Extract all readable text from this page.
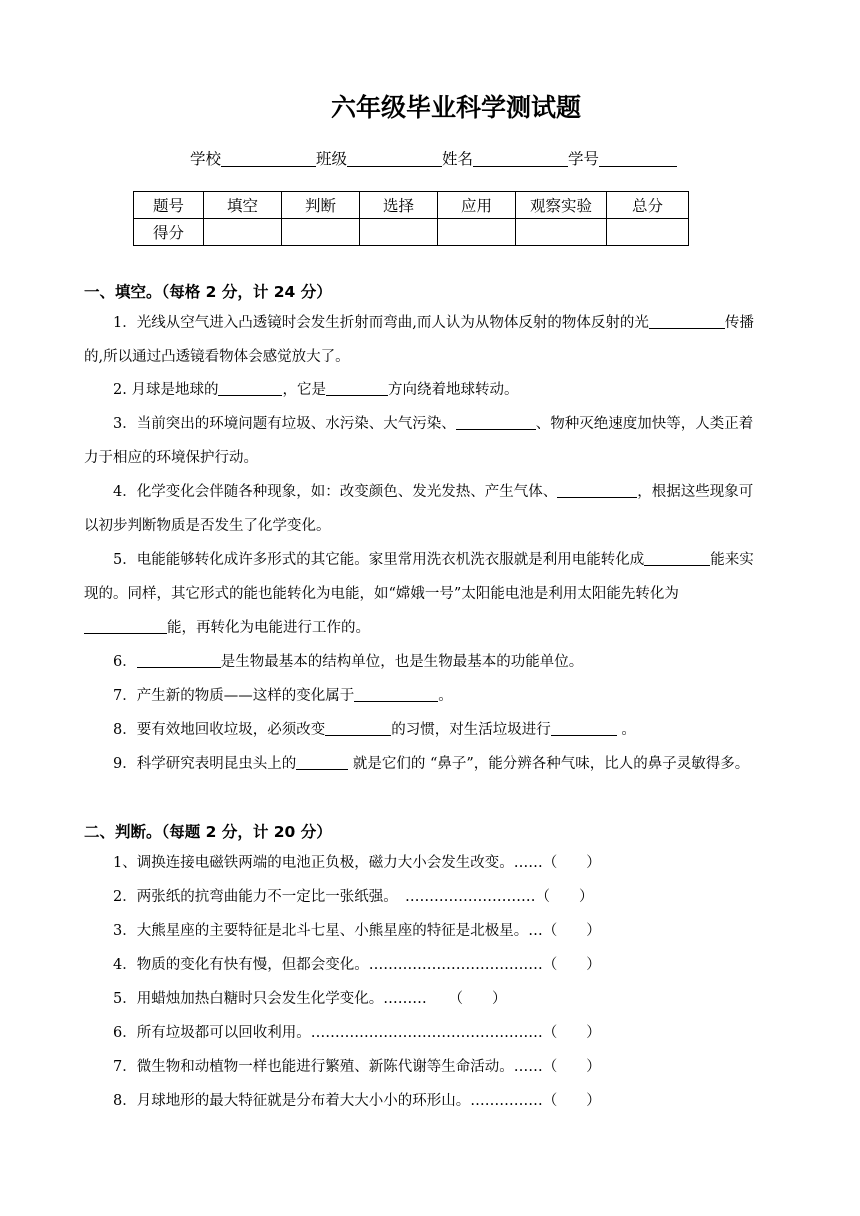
六年级毕业科学测试题
学校	班级	姓名	学号
题号	填空	判断	选择	应用	观察实验	总分
得分						
一、填空。（每格 2 分，计 24 分）
1．光线从空气进入凸透镜时会发生折射而弯曲,而人认为从物体反射的物体反射的光	传播
的,所以通过凸透镜看物体会感觉放大了。
2. 月球是地球的	，它是	方向绕着地球转动。
3．当前突出的环境问题有垃圾、水污染、大气污染、	、物种灭绝速度加快等，人类正着
力于相应的环境保护行动。
4．化学变化会伴随各种现象，如：改变颜色、发光发热、产生气体、	，根据这些现象可
以初步判断物质是否发生了化学变化。
5．电能能够转化成许多形式的其它能。家里常用洗衣机洗衣服就是利用电能转化成	能来实
现的。同样，其它形式的能也能转化为电能，如“嫦娥一号”太阳能电池是利用太阳能先转化为
能，再转化为电能进行工作的。
6．	是生物最基本的结构单位，也是生物最基本的功能单位。
7．产生新的物质——这样的变化属于	。
8．要有效地回收垃圾，必须改变	的习惯，对生活垃圾进行	。
9．科学研究表明昆虫头上的	就是它们的 “鼻子”，能分辨各种气味，比人的鼻子灵敏得多。
二、判断。（每题 2 分，计 20 分）
1、调换连接电磁铁两端的电池正负极，磁力大小会发生改变。……（　　）
2．两张纸的抗弯曲能力不一定比一张纸强。　………………………（　　）
3．大熊星座的主要特征是北斗七星、小熊星座的特征是北极星。…（　　）
4．物质的变化有快有慢，但都会变化。………………………………（　　）
5．用蜡烛加热白糖时只会发生化学变化。………　　（　　）
6．所有垃圾都可以回收利用。…………………………………………（　　）
7．微生物和动植物一样也能进行繁殖、新陈代谢等生命活动。……（　　）
8．月球地形的最大特征就是分布着大大小小的环形山。……………（　　）
